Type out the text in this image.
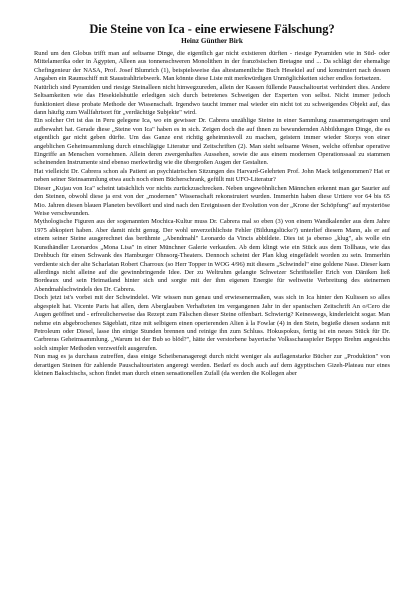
Die Steine von Ica - eine erwiesene Fälschung?
Heinz Günther Birk

Rund um den Globus trifft man auf seltsame Dinge, die eigentlich gar nicht existieren dürften - riesige Pyramiden wie in Süd- oder Mittelamerika oder in Ägypten, Alleen aus tonnenschweren Monolithen in der französischen Bretagne und ... Da schlägt der ehemalige Chefingenieur der NASA, Prof. Josef Blumrich (1), beispielsweise das altestamentliche Buch Hesekiel auf und konstruiert nach dessen Angaben ein Raumschiff mit Staustrahltriebwerk. Man könnte diese Liste mit merkwürdigen Unmöglichkeiten sicher endlos fortsetzen.

Natürlich sind Pyramiden und riesige Steinalleen nicht hinwegzureden, allein der Kassen füllende Pauschaltourist verhindert dies. Andere Seltsamkeiten wie das Hesekielshuttle erledigen sich durch betretenes Schweigen der Experten von selbst. Nicht immer jedoch funktioniert diese probate Methode der Wissenschaft. Irgendwo taucht immer mal wieder ein nicht tot zu schweigendes Objekt auf, das dann häufig zum Wallfahrtsort für „verdächtige Subjekte" wird.

Ein solcher Ort ist das in Peru gelegene Ica, wo ein gewisser Dr. Cabrera unzählige Steine in einer Sammlung zusammengetragen und aufbewahrt hat. Gerade diese „Steine von Ica" haben es in sich. Zeigen doch die auf ihnen zu bewundernden Abbildungen Dinge, die es eigentlich gar nicht geben dürfte. Um das Ganze erst richtig geheimnisvoll zu machen, geistern immer wieder Storys von einer angeblichen Geheimsammlung durch einschlägige Literatur und Zeitschriften (2). Man sieht seltsame Wesen, welche offenbar operative Eingriffe an Menschen vornehmen. Allein deren zwergenhaftes Aussehen, sowie die aus einem modernen Operationssaal zu stammen scheinenden Instrumente sind ebenso merkwürdig wie die übergroßen Augen der Gestalten.

Hat vielleicht Dr. Cabrera schon als Patient an psychiatrischen Sitzungen des Harvard-Gelehrten Prof. John Mack teilgenommen? Hat er neben seiner Steinsammlung etwa auch noch einen Bücherschrank, gefüllt mit UFO-Literatur?

Dieser „Kujau von Ica" scheint tatsächlich vor nichts zurückzuschrecken. Neben ungewöhnlichen Männchen erkennt man gar Saurier auf den Steinen, obwohl diese ja erst von der „modernen" Wissenschaft rekonstruiert wurden. Immerhin haben diese Urtiere vor 64 bis 65 Mio. Jahren diesen blauen Planeten bevölkert und sind nach den Ereignissen der Evolution von der „Krone der Schöpfung" auf mysteriöse Weise verschwunden.

Mythologische Figuren aus der sogenannten Mochica-Kultur muss Dr. Cabrera mal so eben (3) von einem Wandkalender aus dem Jahre 1975 abkopiert haben. Aber damit nicht genug. Der wohl unverzeihlichste Fehler (Bildungslücke?) unterlief diesem Mann, als er auf einem seiner Steine ausgerechnet das berühmte „Abendmahl" Leonardo da Vincis abbildete. Dies ist ja ebenso „klug", als wolle ein Kunsthändler Leonardos „Mona Lisa" in einer Münchner Galerie verkaufen. Ab dem klingt wie ein Stück aus dem Tollhaus, wie das Drehbuch für einen Schwank des Hamburger Ohnsorg-Theaters. Dennoch scheint der Plan klug eingefädelt worden zu sein. Immerhin verdiente sich der alte Scharlatan Robert Charroux (so Herr Topper in WOG 4/96) mit diesem „Schwindel" eine goldene Nase. Dieser kam allerdings nicht alleine auf die gewinnbringende Idee. Der zu Weltruhm gelangte Schweizer Schriftsteller Erich von Däniken ließ Bordeaux und sein Heimatland hinter sich und sorgte mit der ihm eigenen Energie für weltweite Verbreitung des steinernen Abendmahlschwindels des Dr. Cabrera.

Doch jetzt ist's vorbei mit der Schwindelei. Wir wissen nun genau und erwiesenermaßen, was sich in Ica hinter den Kulissen so alles abgespielt hat. Vicente Paris hat allen, dem Aberglauben Verhafteten im vergangenen Jahr in der spanischen Zeitschrift An o/Cero die Augen geöffnet und - erfreulicherweise das Rezept zum Fälschen dieser Steine offenbart. Schwierig? Keineswegs, kinderleicht sogar. Man nehme ein abgebrochenes Sägeblatt, ritze mit selbigem einen operierenden Alien à la Fowlar (4) in den Stein, begieße diesen sodann mit Petroleum oder Diesel, lasse ihn einige Stunden brennen und reinige ihn zum Schluss. Hokuspokus, fertig ist ein neues Stück für Dr. Carbreras Geheimsammlung. „Warum ist der Bub so blöd?", hätte der verstorbene bayerische Volksschauspieler Beppo Brehm angesichts solch simpler Methoden verzweifelt ausgerufen.

Nun mag es ja durchaus zutreffen, dass einige Scheibenanageregt durch nicht weniger als auflagenstarke Bücher zur „Produktion" von derartigen Steinen für zahlende Pauschaltouristen angeregt werden. Bedarf es doch auch auf dem ägyptischen Gizeh-Plateau nur eines kleinen Bakschischs, schon findet man durch einen sensationellen Zufall (da werden die Kollegen aber
